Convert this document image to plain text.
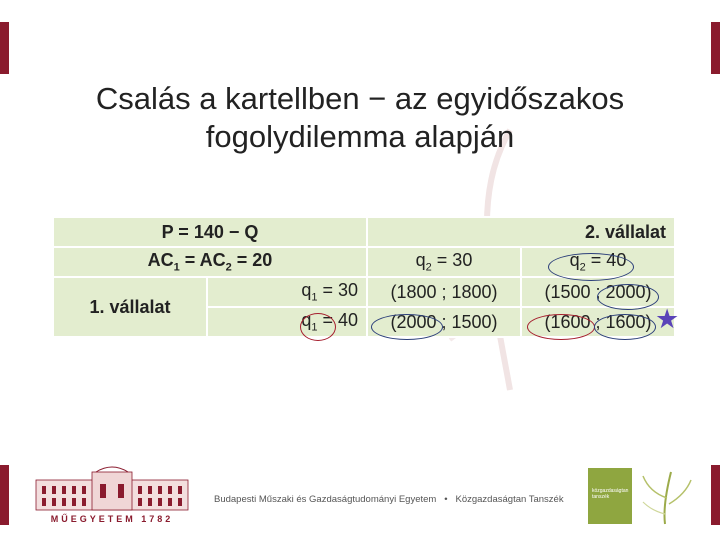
Csalás a kartellben − az egyidőszakos
fogolydilemma alapján
P = 140 − Q		2. vállalat	
$AC_1 = AC_2 = 20$		$q_2 = 30$	$q_2 = 40$
1. vállalat	$q_1 = 30$	(1800 ; 1800)	(1500 ; 2000)
	$q_1 = 40$	(2000 ; 1500)	(1600 ; 1600) ★
MŰEGYETEM 1782
Budapesti Műszaki és Gazdaságtudományi Egyetem • Közgazdaságtan Tanszék
közgazdaságtan tanszék
